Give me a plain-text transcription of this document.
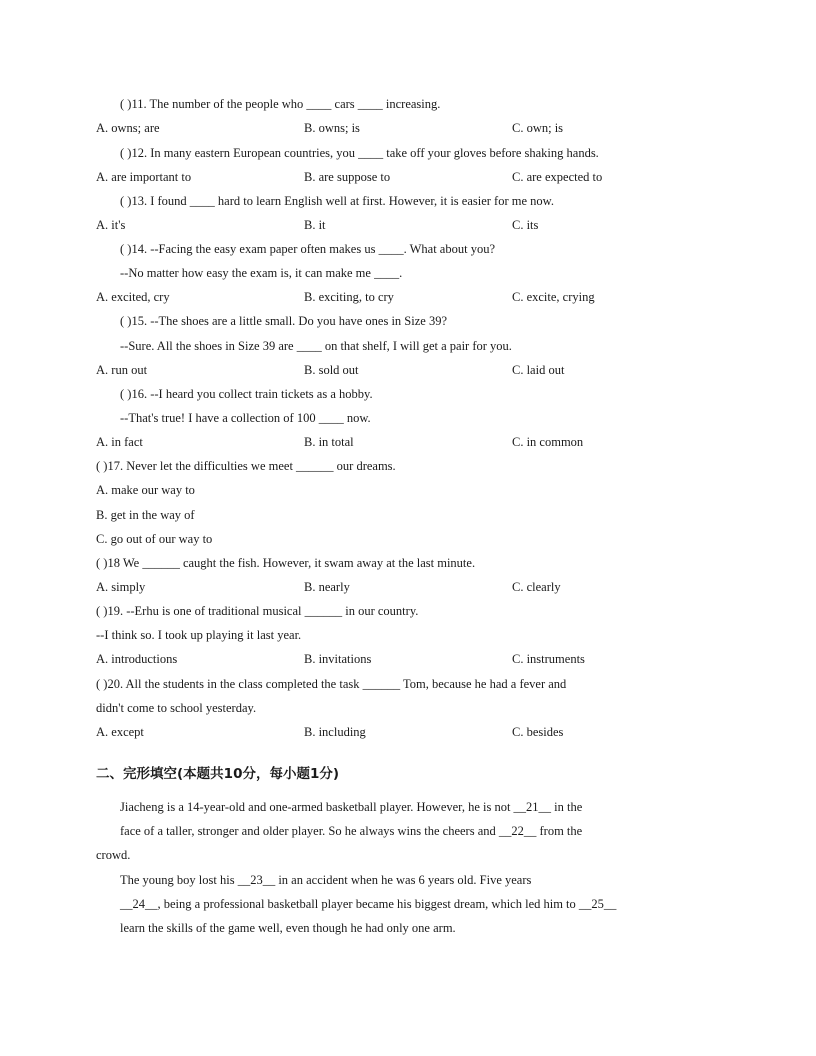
( )11. The number of the people who ____ cars ____ increasing.
A. owns; are	B. owns; is	C. own; is
( )12. In many eastern European countries, you ____ take off your gloves before shaking hands.
A. are important to	B. are suppose to	C. are expected to
( )13. I found ____ hard to learn English well at first. However, it is easier for me now.
A. it's	B. it	C. its
( )14. --Facing the easy exam paper often makes us ____. What about you?
--No matter how easy the exam is, it can make me ____.
A. excited, cry	B. exciting, to cry	C. excite, crying
( )15. --The shoes are a little small. Do you have ones in Size 39?
--Sure. All the shoes in Size 39 are ____ on that shelf, I will get a pair for you.
A. run out	B. sold out	C. laid out
( )16. --I heard you collect train tickets as a hobby.
--That's true! I have a collection of 100 ____ now.
A. in fact	B. in total	C. in common
( )17. Never let the difficulties we meet ______ our dreams.
A. make our way to
B. get in the way of
C. go out of our way to
( )18 We ______ caught the fish. However, it swam away at the last minute.
A. simply	B. nearly	C. clearly
( )19. --Erhu is one of traditional musical ______ in our country.
--I think so. I took up playing it last year.
A. introductions	B. invitations	C. instruments
( )20. All the students in the class completed the task ______ Tom, because he had a fever and
didn't come to school yesterday.
A. except	B. including	C. besides
二、完形填空(本题共10分，每小题1分)
Jiacheng is a 14-year-old and one-armed basketball player. However, he is not __21__ in the
face of a taller, stronger and older player. So he always wins the cheers and __22__ from the
crowd.
The young boy lost his __23__ in an accident when he was 6 years old. Five years
__24__, being a professional basketball player became his biggest dream, which led him to __25__
learn the skills of the game well, even though he had only one arm.
